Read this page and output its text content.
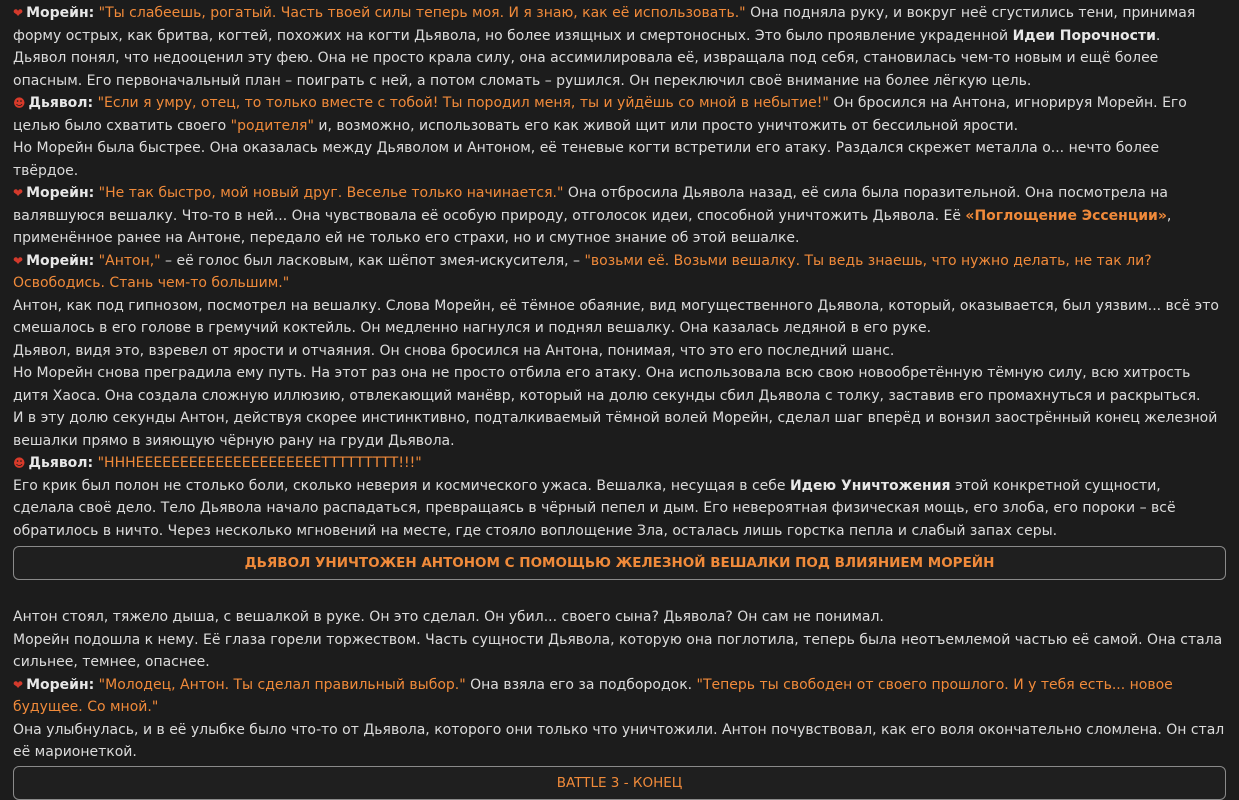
❤ Морейн: "Ты слабеешь, рогатый. Часть твоей силы теперь моя. И я знаю, как её использовать." Она подняла руку, и вокруг неё сгустились тени, принимая форму острых, как бритва, когтей, похожих на когти Дьявола, но более изящных и смертоносных. Это было проявление украденной Идеи Порочности.

Дьявол понял, что недооценил эту фею. Она не просто крала силу, она ассимилировала её, извращала под себя, становилась чем-то новым и ещё более опасным. Его первоначальный план – поиграть с ней, а потом сломать – рушился. Он переключил своё внимание на более лёгкую цель.

☻ Дьявол: "Если я умру, отец, то только вместе с тобой! Ты породил меня, ты и уйдёшь со мной в небытие!" Он бросился на Антона, игнорируя Морейн. Его целью было схватить своего "родителя" и, возможно, использовать его как живой щит или просто уничтожить от бессильной ярости.

Но Морейн была быстрее. Она оказалась между Дьяволом и Антоном, её теневые когти встретили его атаку. Раздался скрежет металла о... нечто более твёрдое.

❤ Морейн: "Не так быстро, мой новый друг. Веселье только начинается." Она отбросила Дьявола назад, её сила была поразительной. Она посмотрела на валявшуюся вешалку. Что-то в ней... Она чувствовала её особую природу, отголосок идеи, способной уничтожить Дьявола. Её «Поглощение Эссенции», применённое ранее на Антоне, передало ей не только его страхи, но и смутное знание об этой вешалке.

❤ Морейн: "Антон," – её голос был ласковым, как шёпот змея-искусителя, – "возьми её. Возьми вешалку. Ты ведь знаешь, что нужно делать, не так ли? Освободись. Стань чем-то большим."

Антон, как под гипнозом, посмотрел на вешалку. Слова Морейн, её тёмное обаяние, вид могущественного Дьявола, который, оказывается, был уязвим... всё это смешалось в его голове в гремучий коктейль. Он медленно нагнулся и поднял вешалку. Она казалась ледяной в его руке.

Дьявол, видя это, взревел от ярости и отчаяния. Он снова бросился на Антона, понимая, что это его последний шанс.

Но Морейн снова преградила ему путь. На этот раз она не просто отбила его атаку. Она использовала всю свою новообретённую тёмную силу, всю хитрость дитя Хаоса. Она создала сложную иллюзию, отвлекающий манёвр, который на долю секунды сбил Дьявола с толку, заставив его промахнуться и раскрыться.

И в эту долю секунды Антон, действуя скорее инстинктивно, подталкиваемый тёмной волей Морейн, сделал шаг вперёд и вонзил заострённый конец железной вешалки прямо в зияющую чёрную рану на груди Дьявола.

☻ Дьявол: "НННЕЕЕЕЕЕЕЕЕЕЕЕЕЕЕЕЕЕЕЕЕТТТТТТТТТ!!!"

Его крик был полон не столько боли, сколько неверия и космического ужаса. Вешалка, несущая в себе Идею Уничтожения этой конкретной сущности, сделала своё дело. Тело Дьявола начало распадаться, превращаясь в чёрный пепел и дым. Его невероятная физическая мощь, его злоба, его пороки – всё обратилось в ничто. Через несколько мгновений на месте, где стояло воплощение Зла, осталась лишь горстка пепла и слабый запах серы.

ДЬЯВОЛ УНИЧТОЖЕН АНТОНОМ С ПОМОЩЬЮ ЖЕЛЕЗНОЙ ВЕШАЛКИ ПОД ВЛИЯНИЕМ МОРЕЙН

Антон стоял, тяжело дыша, с вешалкой в руке. Он это сделал. Он убил... своего сына? Дьявола? Он сам не понимал.

Морейн подошла к нему. Её глаза горели торжеством. Часть сущности Дьявола, которую она поглотила, теперь была неотъемлемой частью её самой. Она стала сильнее, темнее, опаснее.

❤ Морейн: "Молодец, Антон. Ты сделал правильный выбор." Она взяла его за подбородок. "Теперь ты свободен от своего прошлого. И у тебя есть... новое будущее. Со мной."

Она улыбнулась, и в её улыбке было что-то от Дьявола, которого они только что уничтожили. Антон почувствовал, как его воля окончательно сломлена. Он стал её марионеткой.

BATTLE 3 - КОНЕЦ
